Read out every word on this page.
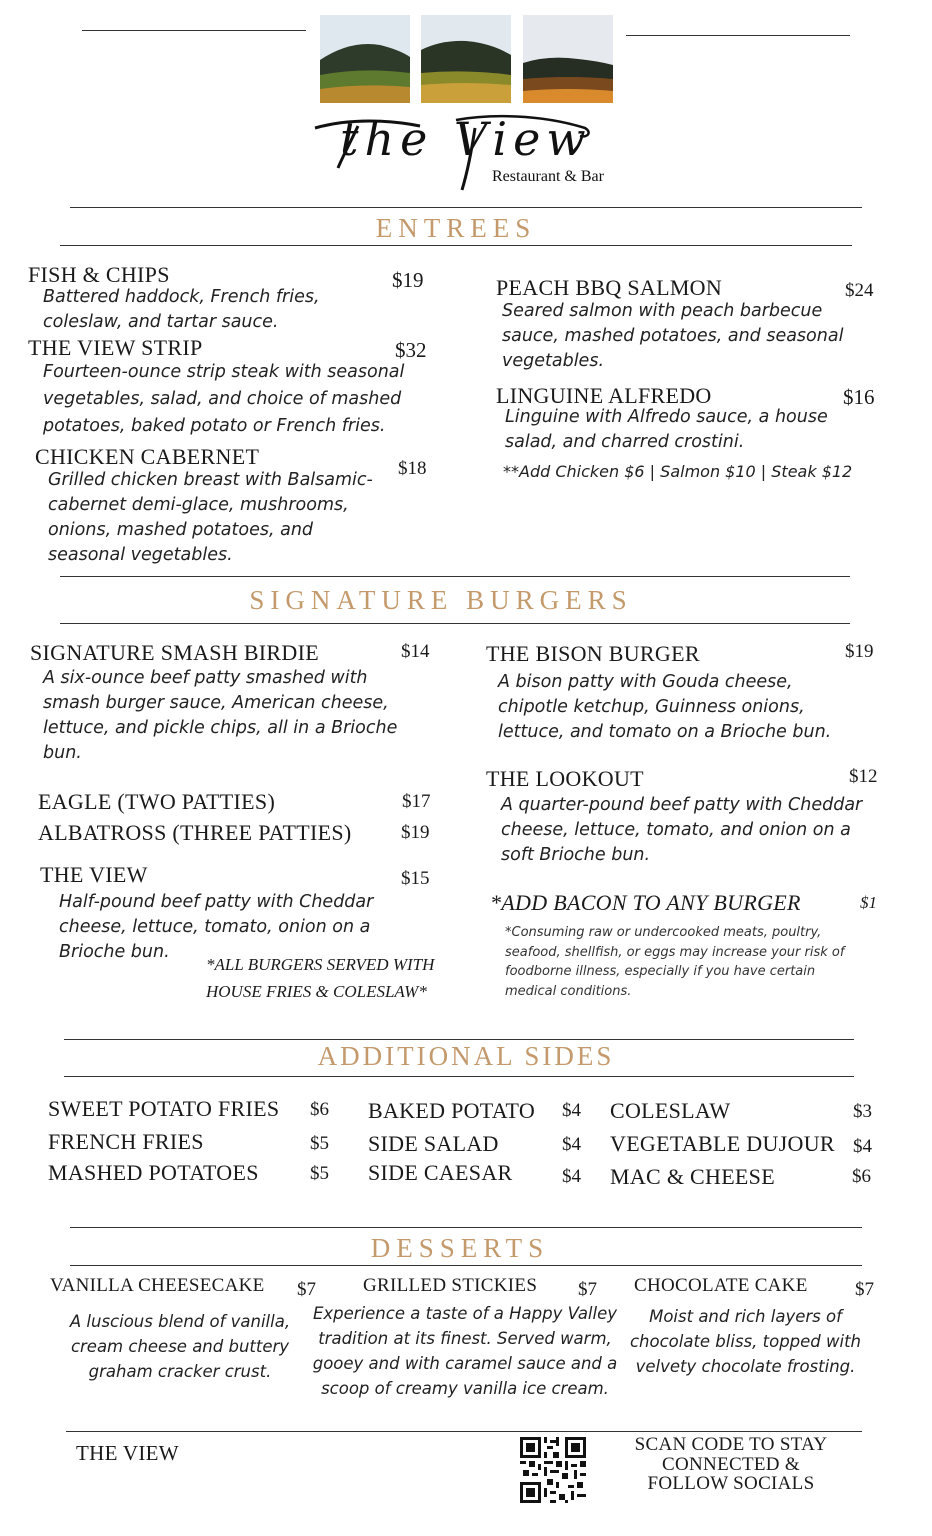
the View
Restaurant & Bar
ENTREES
FISH & CHIPS	$19
Battered haddock, French fries, coleslaw, and tartar sauce.
THE VIEW STRIP	$32
Fourteen-ounce strip steak with seasonal vegetables, salad, and choice of mashed potatoes, baked potato or French fries.
CHICKEN CABERNET	$18
Grilled chicken breast with Balsamic-cabernet demi-glace, mushrooms, onions, mashed potatoes, and seasonal vegetables.
PEACH BBQ SALMON	$24
Seared salmon with peach barbecue sauce, mashed potatoes, and seasonal vegetables.
LINGUINE ALFREDO	$16
Linguine with Alfredo sauce, a house salad, and charred crostini.
**Add Chicken $6 | Salmon $10 | Steak $12
SIGNATURE BURGERS
SIGNATURE SMASH BIRDIE	$14
A six-ounce beef patty smashed with smash burger sauce, American cheese, lettuce, and pickle chips, all in a Brioche bun.
EAGLE (TWO PATTIES)	$17
ALBATROSS (THREE PATTIES)	$19
THE VIEW	$15
Half-pound beef patty with Cheddar cheese, lettuce, tomato, onion on a Brioche bun.
*ALL BURGERS SERVED WITH HOUSE FRIES & COLESLAW*
THE BISON BURGER	$19
A bison patty with Gouda cheese, chipotle ketchup, Guinness onions, lettuce, and tomato on a Brioche bun.
THE LOOKOUT	$12
A quarter-pound beef patty with Cheddar cheese, lettuce, tomato, and onion on a soft Brioche bun.
*ADD BACON TO ANY BURGER	$1
*Consuming raw or undercooked meats, poultry, seafood, shellfish, or eggs may increase your risk of foodborne illness, especially if you have certain medical conditions.
ADDITIONAL SIDES
SWEET POTATO FRIES $6
FRENCH FRIES	$5
MASHED POTATOES	$5
BAKED POTATO $4
SIDE SALAD	$4
SIDE CAESAR	$4
COLESLAW	$3
VEGETABLE DUJOUR $4
MAC & CHEESE	$6
DESSERTS
VANILLA CHEESECAKE $7
A luscious blend of vanilla, cream cheese and buttery graham cracker crust.
GRILLED STICKIES $7
Experience a taste of a Happy Valley tradition at its finest. Served warm, gooey and with caramel sauce and a scoop of creamy vanilla ice cream.
CHOCOLATE CAKE $7
Moist and rich layers of chocolate bliss, topped with velvety chocolate frosting.
THE VIEW	SCAN CODE TO STAY CONNECTED & FOLLOW SOCIALS
